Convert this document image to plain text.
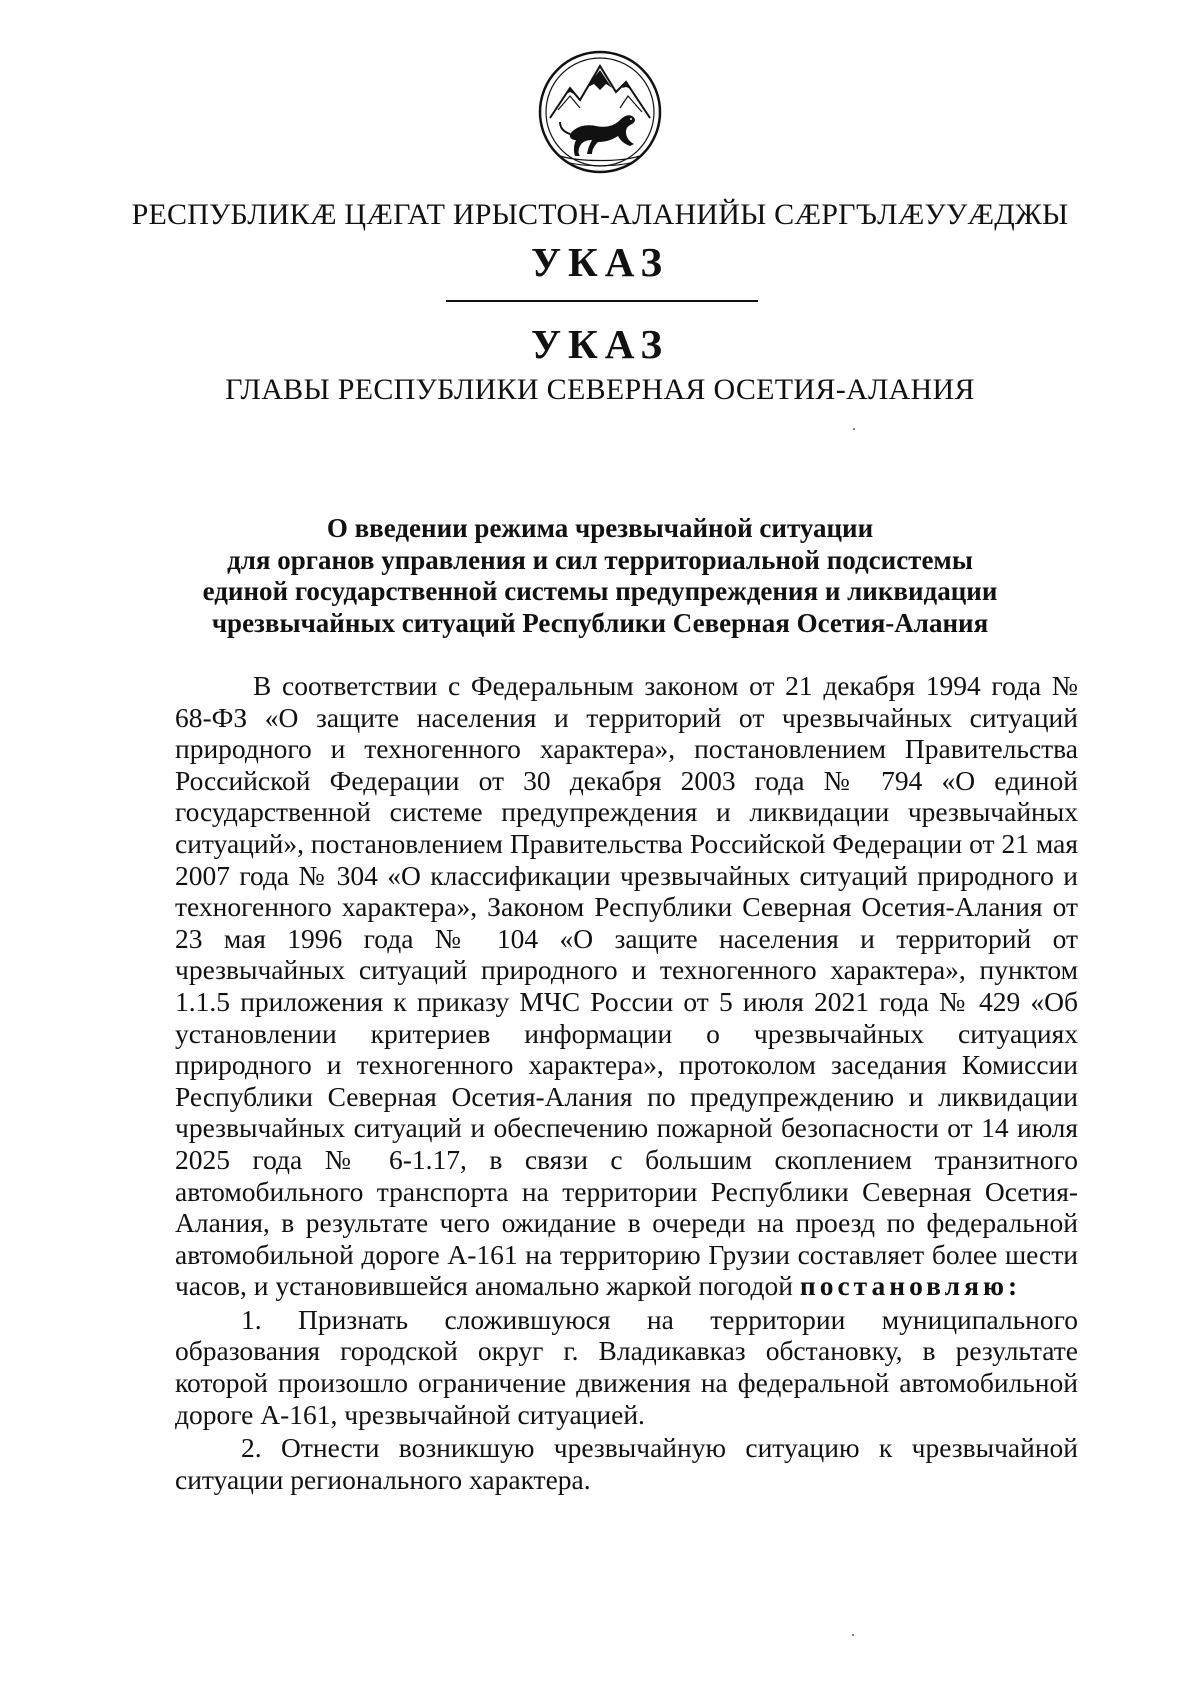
РЕСПУБЛИКÆ ЦÆГАТ ИРЫСТОН-АЛАНИЙЫ СÆРГЪЛÆУУÆДЖЫ
УКАЗ
УКАЗ
ГЛАВЫ РЕСПУБЛИКИ СЕВЕРНАЯ ОСЕТИЯ-АЛАНИЯ
О введении режима чрезвычайной ситуации
для органов управления и сил территориальной подсистемы
единой государственной системы предупреждения и ликвидации
чрезвычайных ситуаций Республики Северная Осетия-Алания

В соответствии с Федеральным законом от 21 декабря 1994 года № 68-ФЗ «О защите населения и территорий от чрезвычайных ситуаций природного и техногенного характера», постановлением Правительства Российской Федерации от 30 декабря 2003 года № 794 «О единой государственной системе предупреждения и ликвидации чрезвычайных ситуаций», постановлением Правительства Российской Федерации от 21 мая 2007 года № 304 «О классификации чрезвычайных ситуаций природного и техногенного характера», Законом Республики Северная Осетия-Алания от 23 мая 1996 года № 104 «О защите населения и территорий от чрезвычайных ситуаций природного и техногенного характера», пунктом 1.1.5 приложения к приказу МЧС России от 5 июля 2021 года № 429 «Об установлении критериев информации о чрезвычайных ситуациях природного и техногенного характера», протоколом заседания Комиссии Республики Северная Осетия-Алания по предупреждению и ликвидации чрезвычайных ситуаций и обеспечению пожарной безопасности от 14 июля 2025 года № 6-1.17, в связи с большим скоплением транзитного автомобильного транспорта на территории Республики Северная Осетия-Алания, в результате чего ожидание в очереди на проезд по федеральной автомобильной дороге А-161 на территорию Грузии составляет более шести часов, и установившейся аномально жаркой погодой постановляю:

1. Признать сложившуюся на территории муниципального образования городской округ г. Владикавказ обстановку, в результате которой произошло ограничение движения на федеральной автомобильной дороге А-161, чрезвычайной ситуацией.

2. Отнести возникшую чрезвычайную ситуацию к чрезвычайной ситуации регионального характера.
